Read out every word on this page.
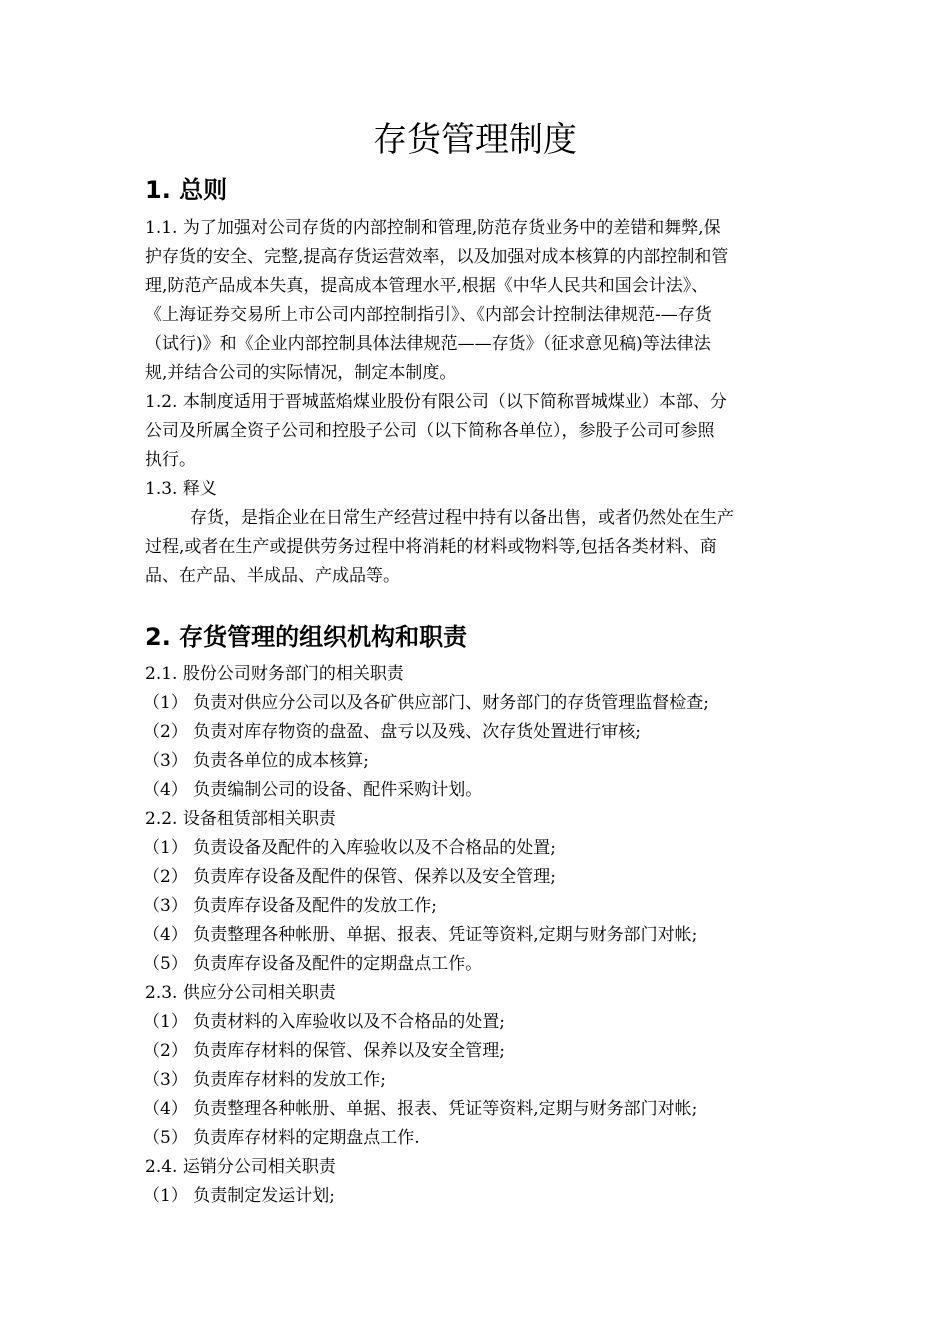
存货管理制度
1. 总则
1.1. 为了加强对公司存货的内部控制和管理,防范存货业务中的差错和舞弊,保
护存货的安全、完整,提高存货运营效率，以及加强对成本核算的内部控制和管
理,防范产品成本失真，提高成本管理水平,根据《中华人民共和国会计法》、
《上海证券交易所上市公司内部控制指引》、《内部会计控制法律规范-—存货
（试行)》和《企业内部控制具体法律规范——存货》（征求意见稿)等法律法
规,并结合公司的实际情况，制定本制度。
1.2. 本制度适用于晋城蓝焰煤业股份有限公司（以下简称晋城煤业）本部、分
公司及所属全资子公司和控股子公司（以下简称各单位），参股子公司可参照
执行。
1.3. 释义
存货，是指企业在日常生产经营过程中持有以备出售，或者仍然处在生产
过程,或者在生产或提供劳务过程中将消耗的材料或物料等,包括各类材料、商
品、在产品、半成品、产成品等。
2. 存货管理的组织机构和职责
2.1. 股份公司财务部门的相关职责
（1） 负责对供应分公司以及各矿供应部门、财务部门的存货管理监督检查;
（2） 负责对库存物资的盘盈、盘亏以及残、次存货处置进行审核;
（3） 负责各单位的成本核算;
（4） 负责编制公司的设备、配件采购计划。
2.2. 设备租赁部相关职责
（1） 负责设备及配件的入库验收以及不合格品的处置;
（2） 负责库存设备及配件的保管、保养以及安全管理;
（3） 负责库存设备及配件的发放工作;
（4） 负责整理各种帐册、单据、报表、凭证等资料,定期与财务部门对帐;
（5） 负责库存设备及配件的定期盘点工作。
2.3. 供应分公司相关职责
（1） 负责材料的入库验收以及不合格品的处置;
（2） 负责库存材料的保管、保养以及安全管理;
（3） 负责库存材料的发放工作;
（4） 负责整理各种帐册、单据、报表、凭证等资料,定期与财务部门对帐;
（5） 负责库存材料的定期盘点工作.
2.4. 运销分公司相关职责
（1） 负责制定发运计划;
